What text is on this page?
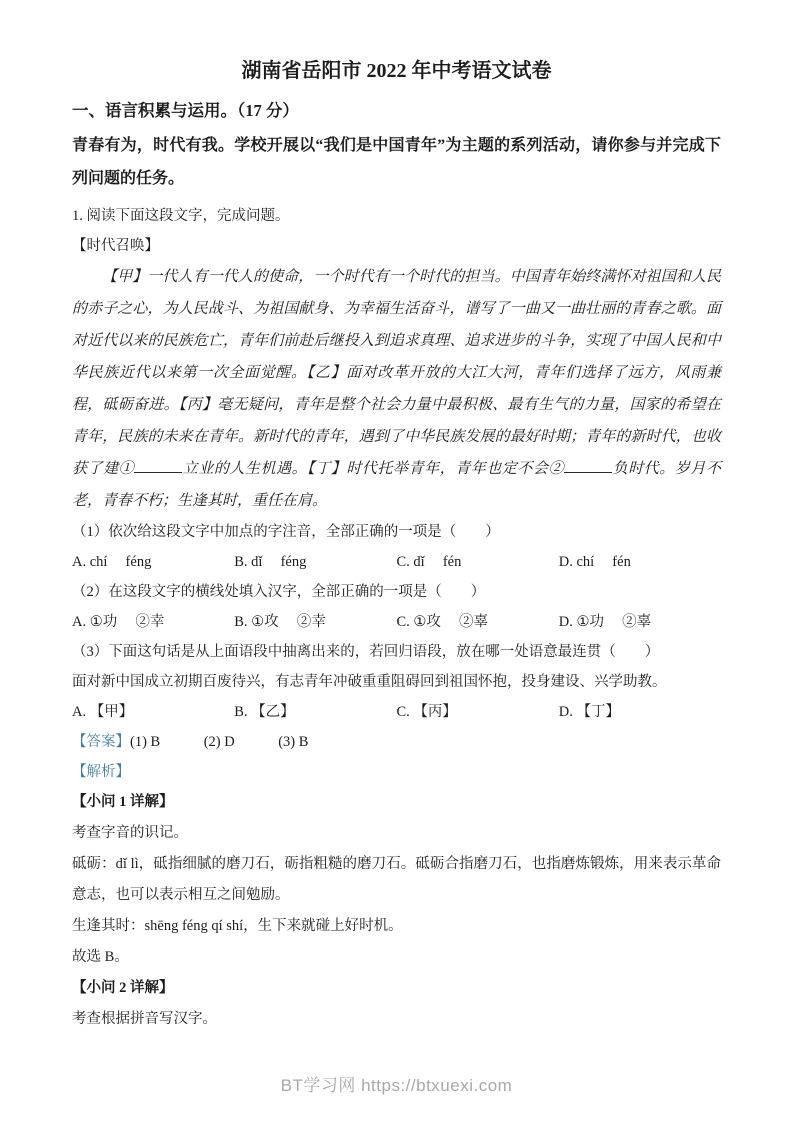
湖南省岳阳市 2022 年中考语文试卷
一、语言积累与运用。（17 分）
青春有为，时代有我。学校开展以“我们是中国青年”为主题的系列活动，请你参与并完成下列问题的任务。
1. 阅读下面这段文字，完成问题。
【时代召唤】
【甲】一代人有一代人的使命，一个时代有一个时代的担当。中国青年始终满怀对祖国和人民的赤子之心，为人民战斗、为祖国献身、为幸福生活奋斗，谱写了一曲又一曲壮丽的青春之歌。面对近代以来的民族危亡，青年们前赴后继投入到追求真理、追求进步的斗争，实现了中国人民和中华民族近代以来第一次全面觉醒。【乙】面对改革开放的大江大河，青年们选择了远方，风雨兼程，砥砺 •奋进。【丙】毫无疑问，青年是整个社会力量中最积极、最有生气的力量，国家的希望在青年，民族的未来在青年。新时代的青年，遇到了中华民族发展的最好时期；青年的新时代，也收获了建①	立业的人生机遇。【丁】时代托举青年，青年也定不会②	负时代。岁月不老，青春不朽；生逢 •其时，重任在肩。
（1）依次给这段文字中加点的字注音，全部正确的一项是（　　）
A. chí　 féng	B. dǐ　 féng	C. dǐ　 fén	D. chí　 fén
（2）在这段文字的横线处填入汉字，全部正确的一项是（　　）
A. ①功　 ②幸	B. ①攻　 ②幸	C. ①攻　 ②辜	D. ①功　 ②辜
（3）下面这句话是从上面语段中抽离出来的，若回归语段，放在哪一处语意最连贯（　　）
面对新中国成立初期百废待兴，有志青年冲破重重阻碍回到祖国怀抱，投身建设、兴学助教。
A. 【甲】	B. 【乙】	C. 【丙】	D. 【丁】
【答案】(1) B　　　(2) D　　　(3) B
【解析】
【小问 1 详解】
考查字音的识记。
砥砺：dǐ lì，砥指细腻的磨刀石，砺指粗糙的磨刀石。砥砺合指磨刀石，也指磨炼锻炼，用来表示革命意志，也可以表示相互之间勉励。
生逢其时：shēng féng qí shí，生下来就碰上好时机。
故选 B。
【小问 2 详解】
考查根据拼音写汉字。
BT学习网 https://btxuexi.com
